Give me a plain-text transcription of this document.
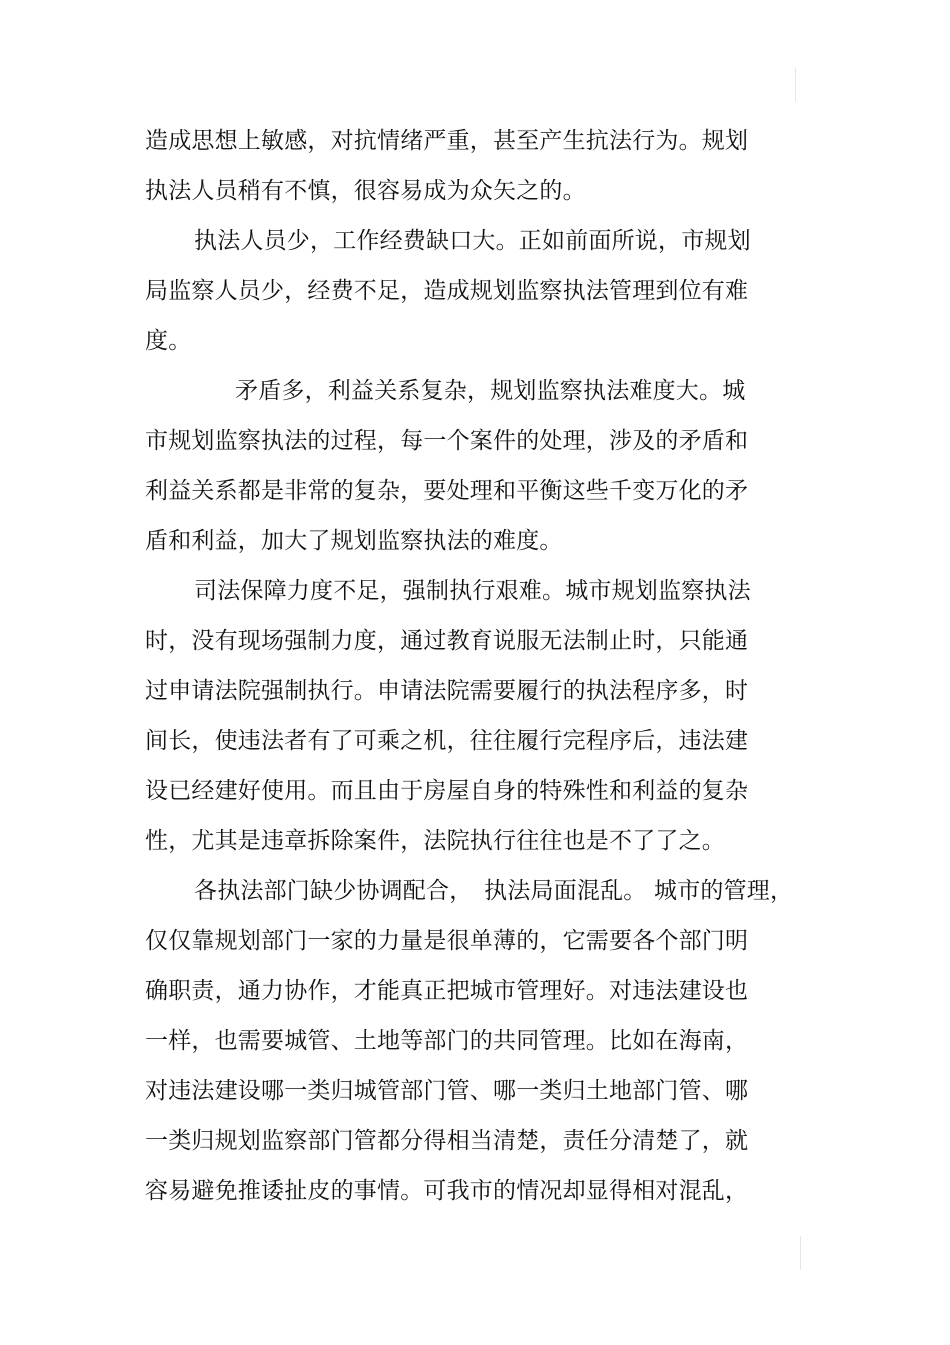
造成思想上敏感，对抗情绪严重，甚至产生抗法行为。规划
执法人员稍有不慎，很容易成为众矢之的。
执法人员少，工作经费缺口大。正如前面所说，市规划
局监察人员少，经费不足，造成规划监察执法管理到位有难
度。
矛盾多，利益关系复杂，规划监察执法难度大。城
市规划监察执法的过程，每一个案件的处理，涉及的矛盾和
利益关系都是非常的复杂，要处理和平衡这些千变万化的矛
盾和利益，加大了规划监察执法的难度。
司法保障力度不足，强制执行艰难。城市规划监察执法
时，没有现场强制力度，通过教育说服无法制止时，只能通
过申请法院强制执行。申请法院需要履行的执法程序多，时
间长，使违法者有了可乘之机，往往履行完程序后，违法建
设已经建好使用。而且由于房屋自身的特殊性和利益的复杂
性，尤其是违章拆除案件，法院执行往往也是不了了之。
各执法部门缺少协调配合，　执法局面混乱。 城市的管理，
仅仅靠规划部门一家的力量是很单薄的，它需要各个部门明
确职责，通力协作，才能真正把城市管理好。对违法建设也
一样，也需要城管、土地等部门的共同管理。比如在海南，
对违法建设哪一类归城管部门管、哪一类归土地部门管、哪
一类归规划监察部门管都分得相当清楚，责任分清楚了，就
容易避免推诿扯皮的事情。可我市的情况却显得相对混乱，
